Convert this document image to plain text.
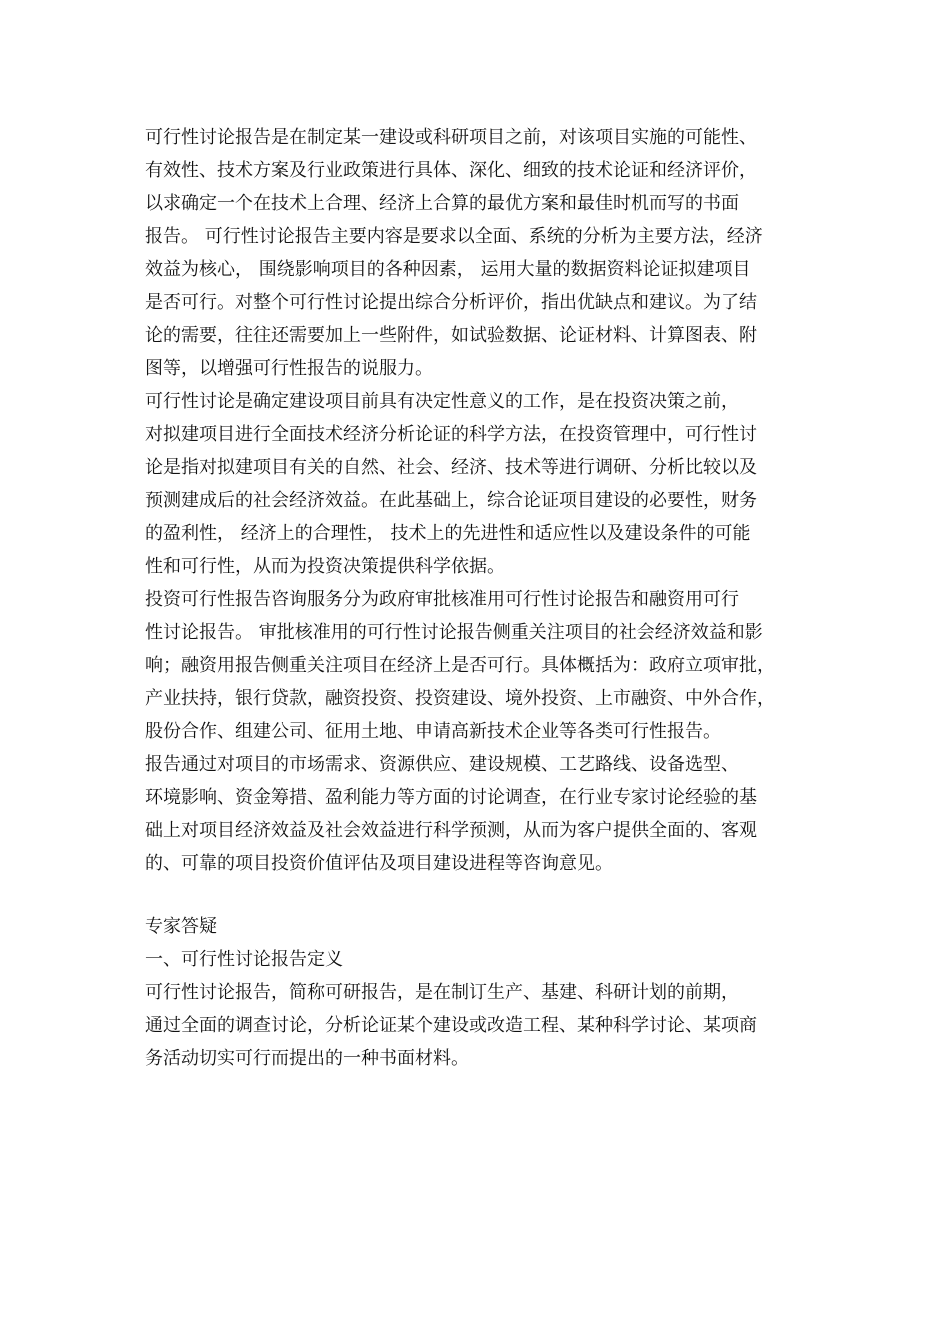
可行性讨论报告是在制定某一建设或科研项目之前，对该项目实施的可能性、
有效性、技术方案及行业政策进行具体、深化、细致的技术论证和经济评价，
以求确定一个在技术上合理、经济上合算的最优方案和最佳时机而写的书面
报告。 可行性讨论报告主要内容是要求以全面、系统的分析为主要方法，经济
效益为核心， 围绕影响项目的各种因素， 运用大量的数据资料论证拟建项目
是否可行。对整个可行性讨论提出综合分析评价，指出优缺点和建议。为了结
论的需要，往往还需要加上一些附件，如试验数据、论证材料、计算图表、附
图等，以增强可行性报告的说服力。
可行性讨论是确定建设项目前具有决定性意义的工作，是在投资决策之前，
对拟建项目进行全面技术经济分析论证的科学方法，在投资管理中，可行性讨
论是指对拟建项目有关的自然、社会、经济、技术等进行调研、分析比较以及
预测建成后的社会经济效益。在此基础上，综合论证项目建设的必要性，财务
的盈利性， 经济上的合理性， 技术上的先进性和适应性以及建设条件的可能
性和可行性，从而为投资决策提供科学依据。
投资可行性报告咨询服务分为政府审批核准用可行性讨论报告和融资用可行
性讨论报告。 审批核准用的可行性讨论报告侧重关注项目的社会经济效益和影
响；融资用报告侧重关注项目在经济上是否可行。具体概括为：政府立项审批，
产业扶持，银行贷款，融资投资、投资建设、境外投资、上市融资、中外合作，
股份合作、组建公司、征用土地、申请高新技术企业等各类可行性报告。
报告通过对项目的市场需求、资源供应、建设规模、工艺路线、设备选型、
环境影响、资金筹措、盈利能力等方面的讨论调查，在行业专家讨论经验的基
础上对项目经济效益及社会效益进行科学预测，从而为客户提供全面的、客观
的、可靠的项目投资价值评估及项目建设进程等咨询意见。
专家答疑
一、可行性讨论报告定义
可行性讨论报告，简称可研报告，是在制订生产、基建、科研计划的前期，
通过全面的调查讨论，分析论证某个建设或改造工程、某种科学讨论、某项商
务活动切实可行而提出的一种书面材料。
